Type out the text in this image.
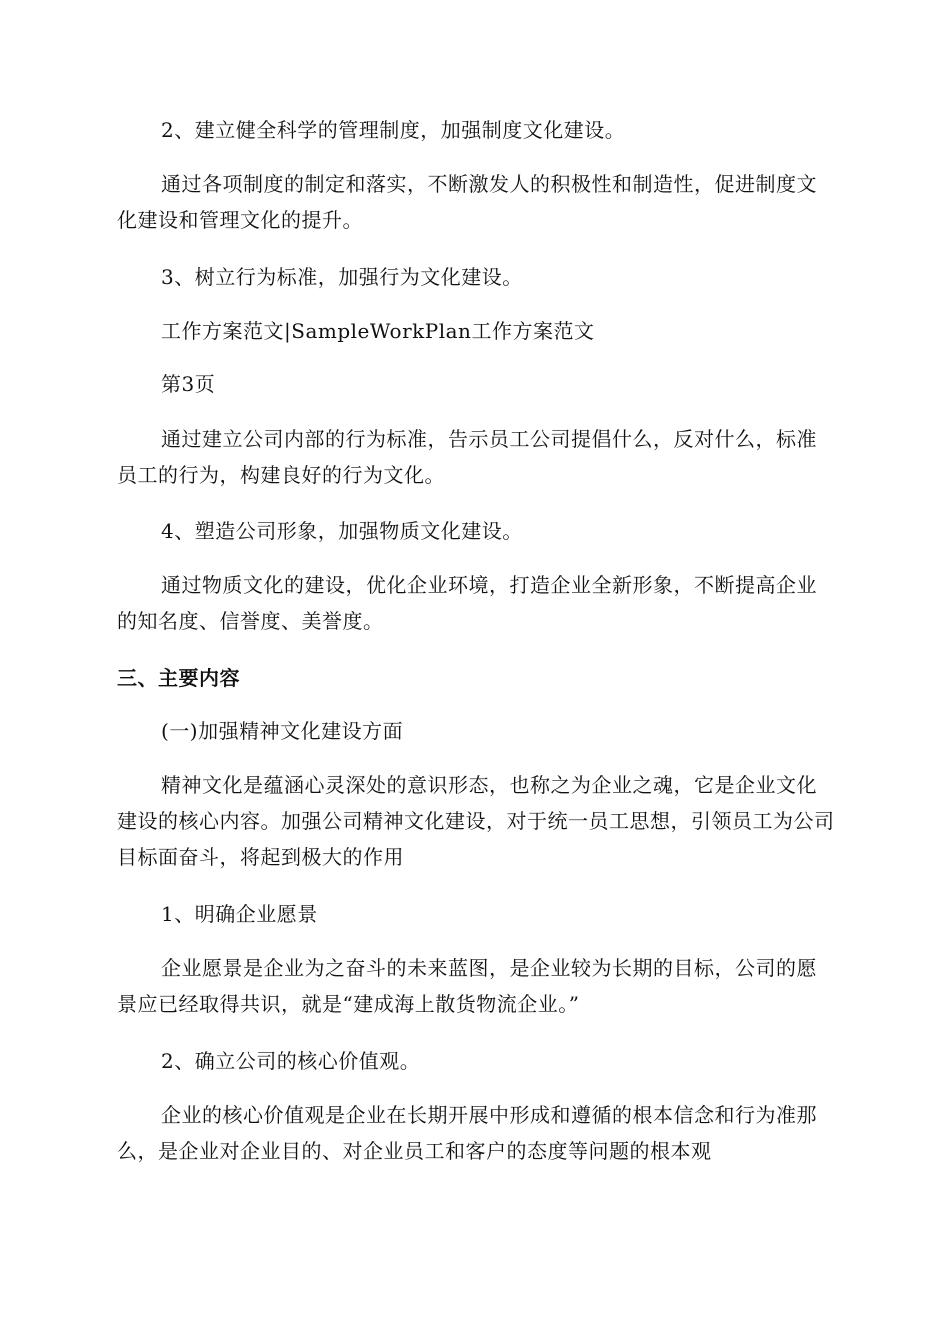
2、建立健全科学的管理制度，加强制度文化建设。

通过各项制度的制定和落实，不断激发人的积极性和制造性，促进制度文化建设和管理文化的提升。

3、树立行为标准，加强行为文化建设。

工作方案范文|SampleWorkPlan工作方案范文

第3页

通过建立公司内部的行为标准，告示员工公司提倡什么，反对什么，标准员工的行为，构建良好的行为文化。

4、塑造公司形象，加强物质文化建设。

通过物质文化的建设，优化企业环境，打造企业全新形象，不断提高企业的知名度、信誉度、美誉度。

三、主要内容

(一)加强精神文化建设方面

精神文化是蕴涵心灵深处的意识形态，也称之为企业之魂，它是企业文化建设的核心内容。加强公司精神文化建设，对于统一员工思想，引领员工为公司目标面奋斗，将起到极大的作用

1、明确企业愿景

企业愿景是企业为之奋斗的未来蓝图，是企业较为长期的目标，公司的愿景应已经取得共识，就是“建成海上散货物流企业。”

2、确立公司的核心价值观。

企业的核心价值观是企业在长期开展中形成和遵循的根本信念和行为准那么，是企业对企业目的、对企业员工和客户的态度等问题的根本观
